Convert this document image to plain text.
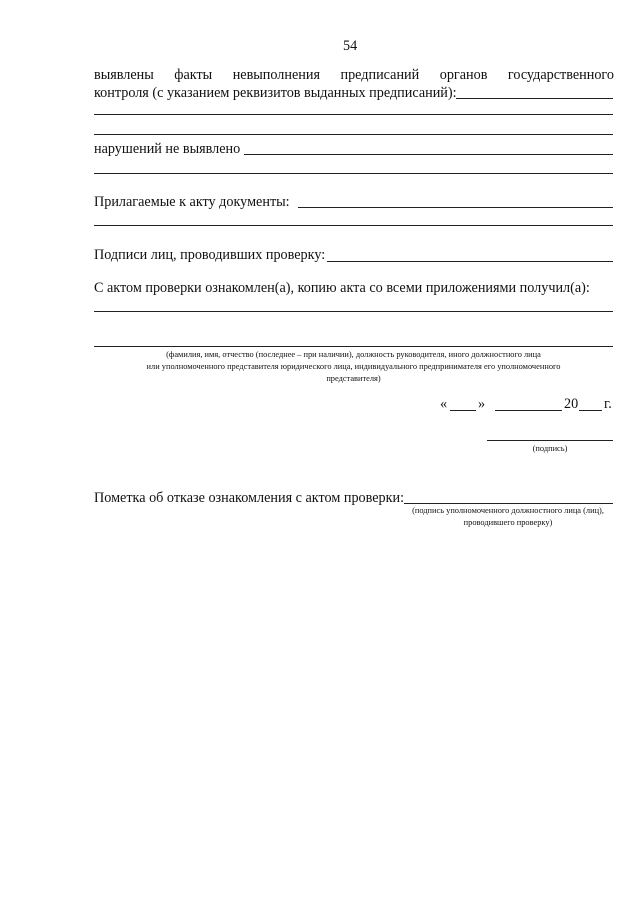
54
выявлены факты невыполнения предписаний органов государственного
контроля (с указанием реквизитов выданных предписаний):
нарушений не выявлено
Прилагаемые к акту документы:
Подписи лиц, проводивших проверку:
С актом проверки ознакомлен(а), копию акта со всеми приложениями получил(а):
(фамилия, имя, отчество (последнее – при наличии), должность руководителя, иного должностного лица
или уполномоченного представителя юридического лица, индивидуального предпринимателя его уполномоченного
представителя)
« »	20 г.
(подпись)
Пометка об отказе ознакомления с актом проверки:
(подпись уполномоченного должностного лица (лиц),
проводившего проверку)
